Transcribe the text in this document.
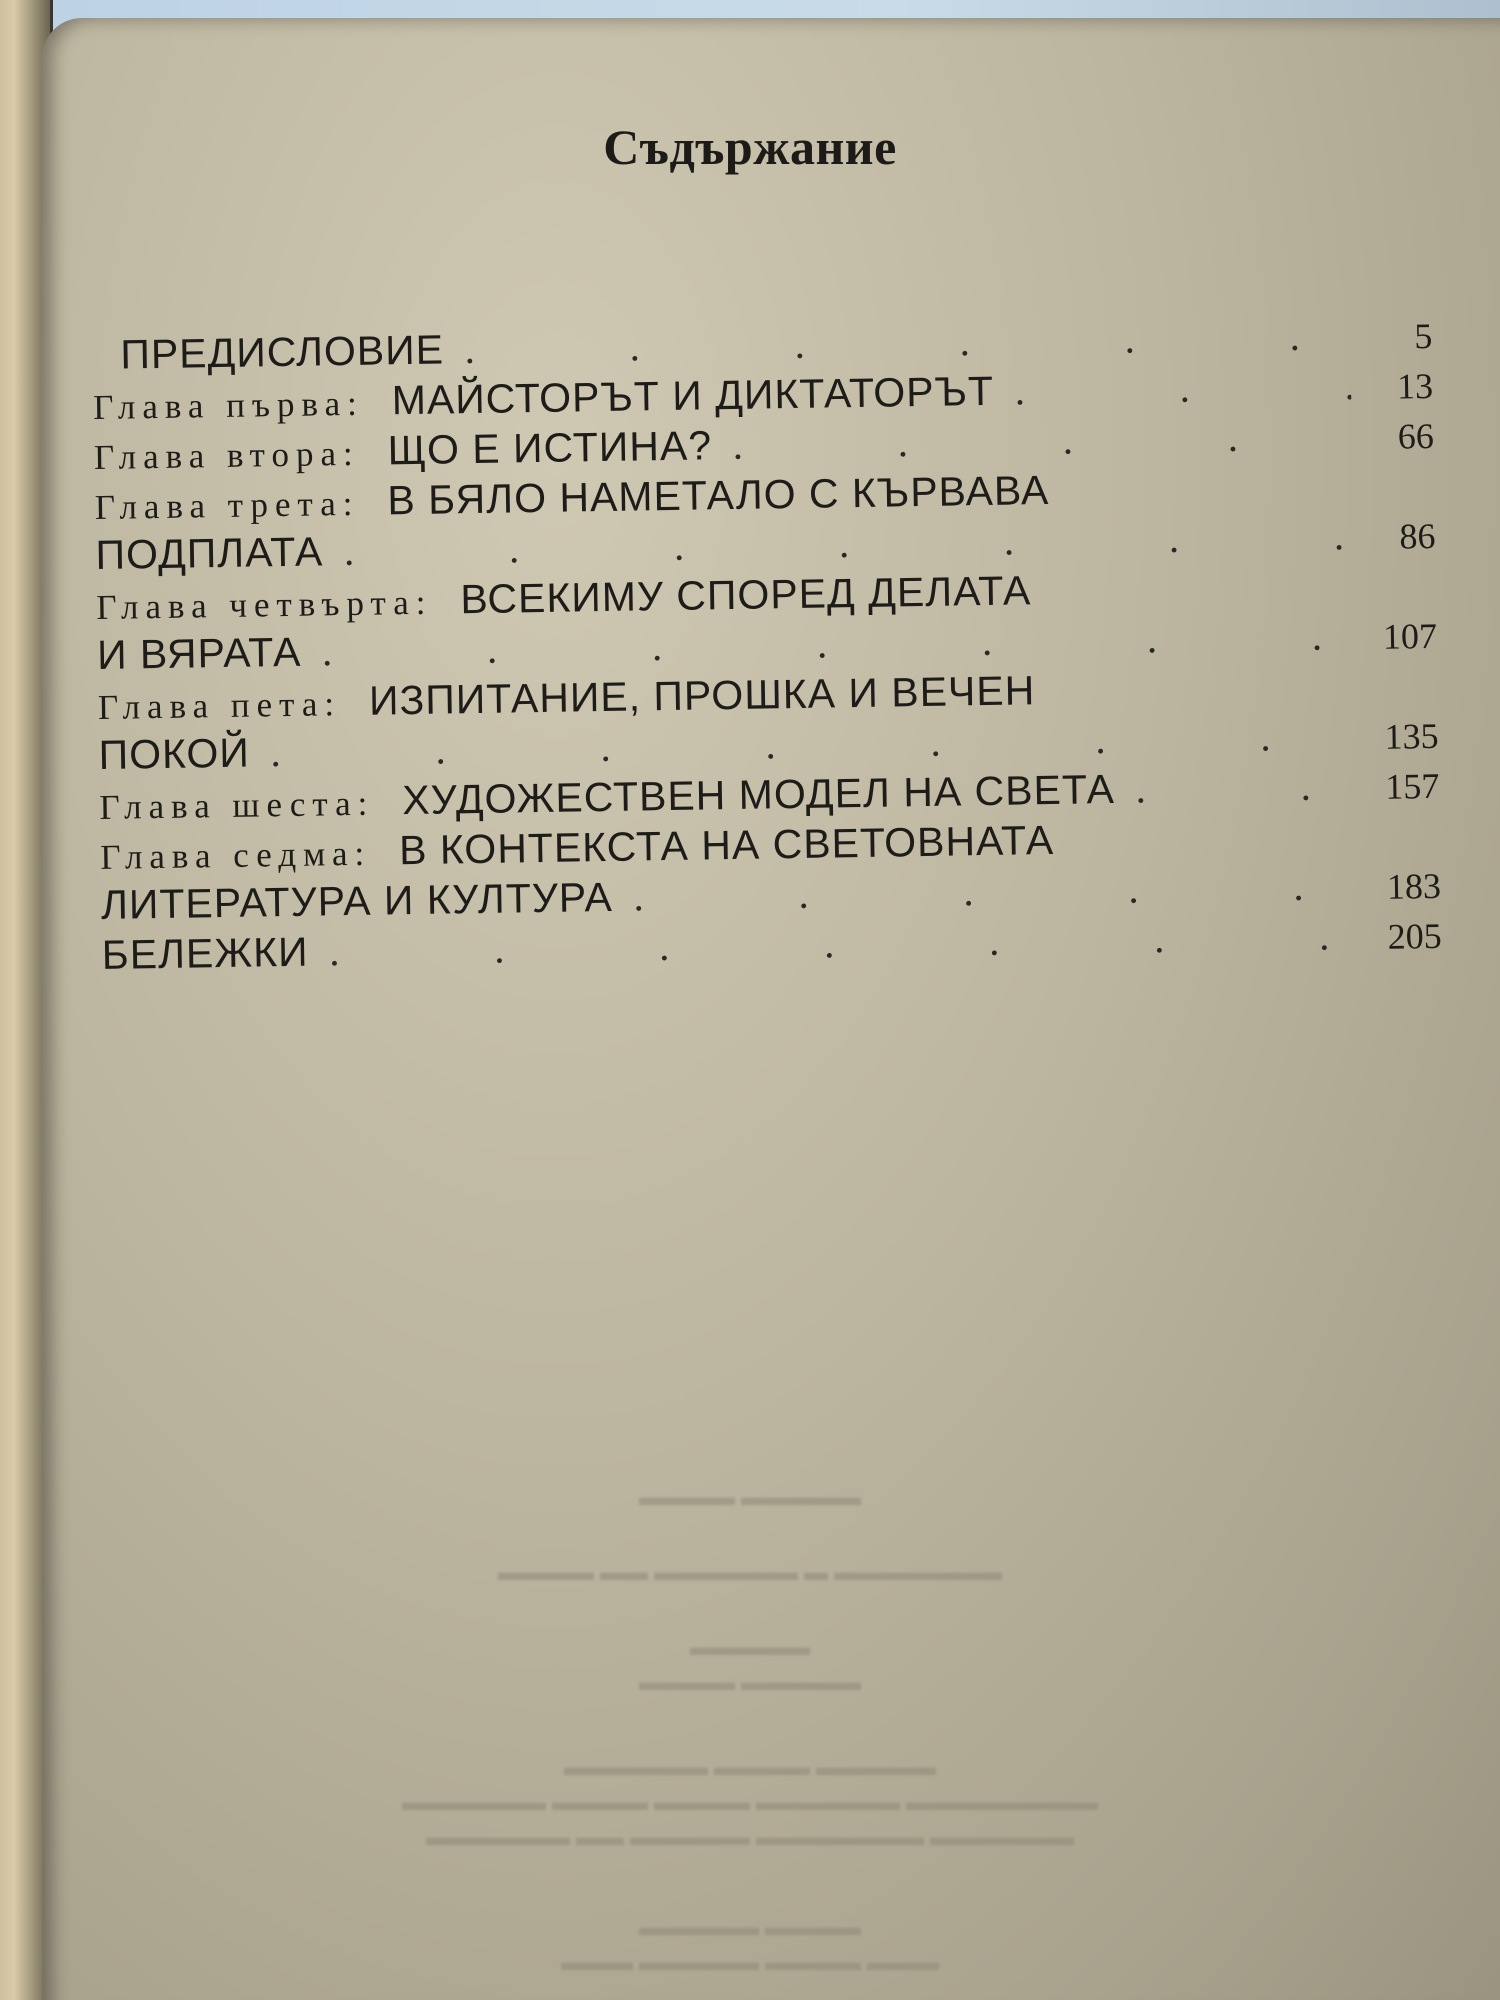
Съдържание
ПРЕДИСЛОВИЕ .	5
Глава първа: МАЙСТОРЪТ И ДИКТАТОРЪТ .	13
Глава втора: ЩО Е ИСТИНА? .	66
Глава трета: В БЯЛО НАМЕТАЛО С КЪРВАВА
ПОДПЛАТА .	86
Глава четвърта: ВСЕКИМУ СПОРЕД ДЕЛАТА
И ВЯРАТА .	107
Глава пета: ИЗПИТАНИЕ, ПРОШКА И ВЕЧЕН
ПОКОЙ .	135
Глава шеста: ХУДОЖЕСТВЕН МОДЕЛ НА СВЕТА .	157
Глава седма: В КОНТЕКСТА НА СВЕТОВНАТА
ЛИТЕРАТУРА И КУЛТУРА .	183
БЕЛЕЖКИ .	205
▬▬▬▬ ▬▬▬▬▬
▬▬▬▬ ▬▬ ▬▬▬▬▬▬ ▬ ▬▬▬▬▬▬▬
▬▬▬▬▬
▬▬▬▬ ▬▬▬▬▬
▬▬▬▬▬▬ ▬▬▬▬ ▬▬▬▬▬
▬▬▬▬▬▬ ▬▬▬▬ ▬▬▬▬ ▬▬▬▬▬▬ ▬▬▬▬▬▬▬▬
▬▬▬▬▬▬ ▬▬ ▬▬▬▬▬ ▬▬▬▬▬▬▬ ▬▬▬▬▬▬
▬▬▬▬▬ ▬▬▬▬
▬▬▬ ▬▬▬▬▬ ▬▬▬▬ ▬▬▬
